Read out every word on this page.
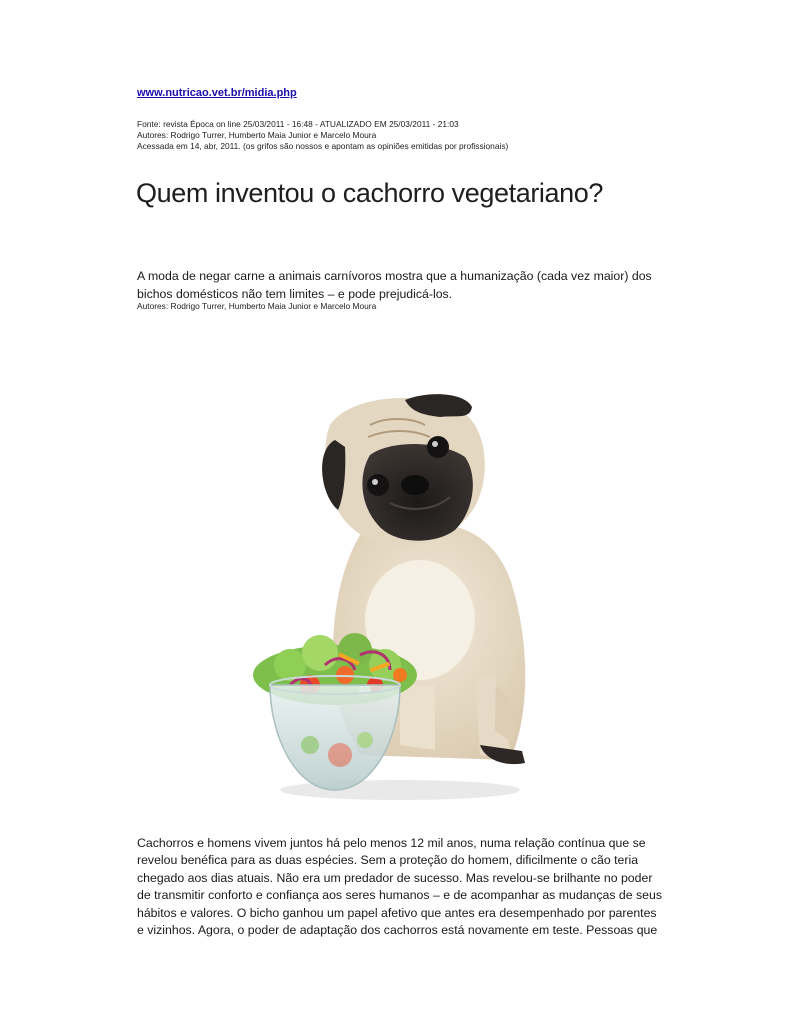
www.nutricao.vet.br/midia.php
Fonte: revista Época on line 25/03/2011 - 16:48 - ATUALIZADO EM 25/03/2011 - 21:03
Autores: Rodrigo Turrer, Humberto Maia Junior e Marcelo Moura
Acessada em 14, abr, 2011. (os grifos são nossos e apontam as opiniões emitidas por profissionais)
Quem inventou o cachorro vegetariano?
A moda de negar carne a animais carnívoros mostra que a humanização (cada vez maior) dos bichos domésticos não tem limites – e pode prejudicá-los.
Autores: Rodrigo Turrer, Humberto Maia Junior e Marcelo Moura
Cachorros e homens vivem juntos há pelo menos 12 mil anos, numa relação contínua que se
revelou benéfica para as duas espécies. Sem a proteção do homem, dificilmente o cão teria
chegado aos dias atuais. Não era um predador de sucesso. Mas revelou-se brilhante no poder
de transmitir conforto e confiança aos seres humanos – e de acompanhar as mudanças de seus
hábitos e valores. O bicho ganhou um papel afetivo que antes era desempenhado por parentes
e vizinhos. Agora, o poder de adaptação dos cachorros está novamente em teste. Pessoas que
